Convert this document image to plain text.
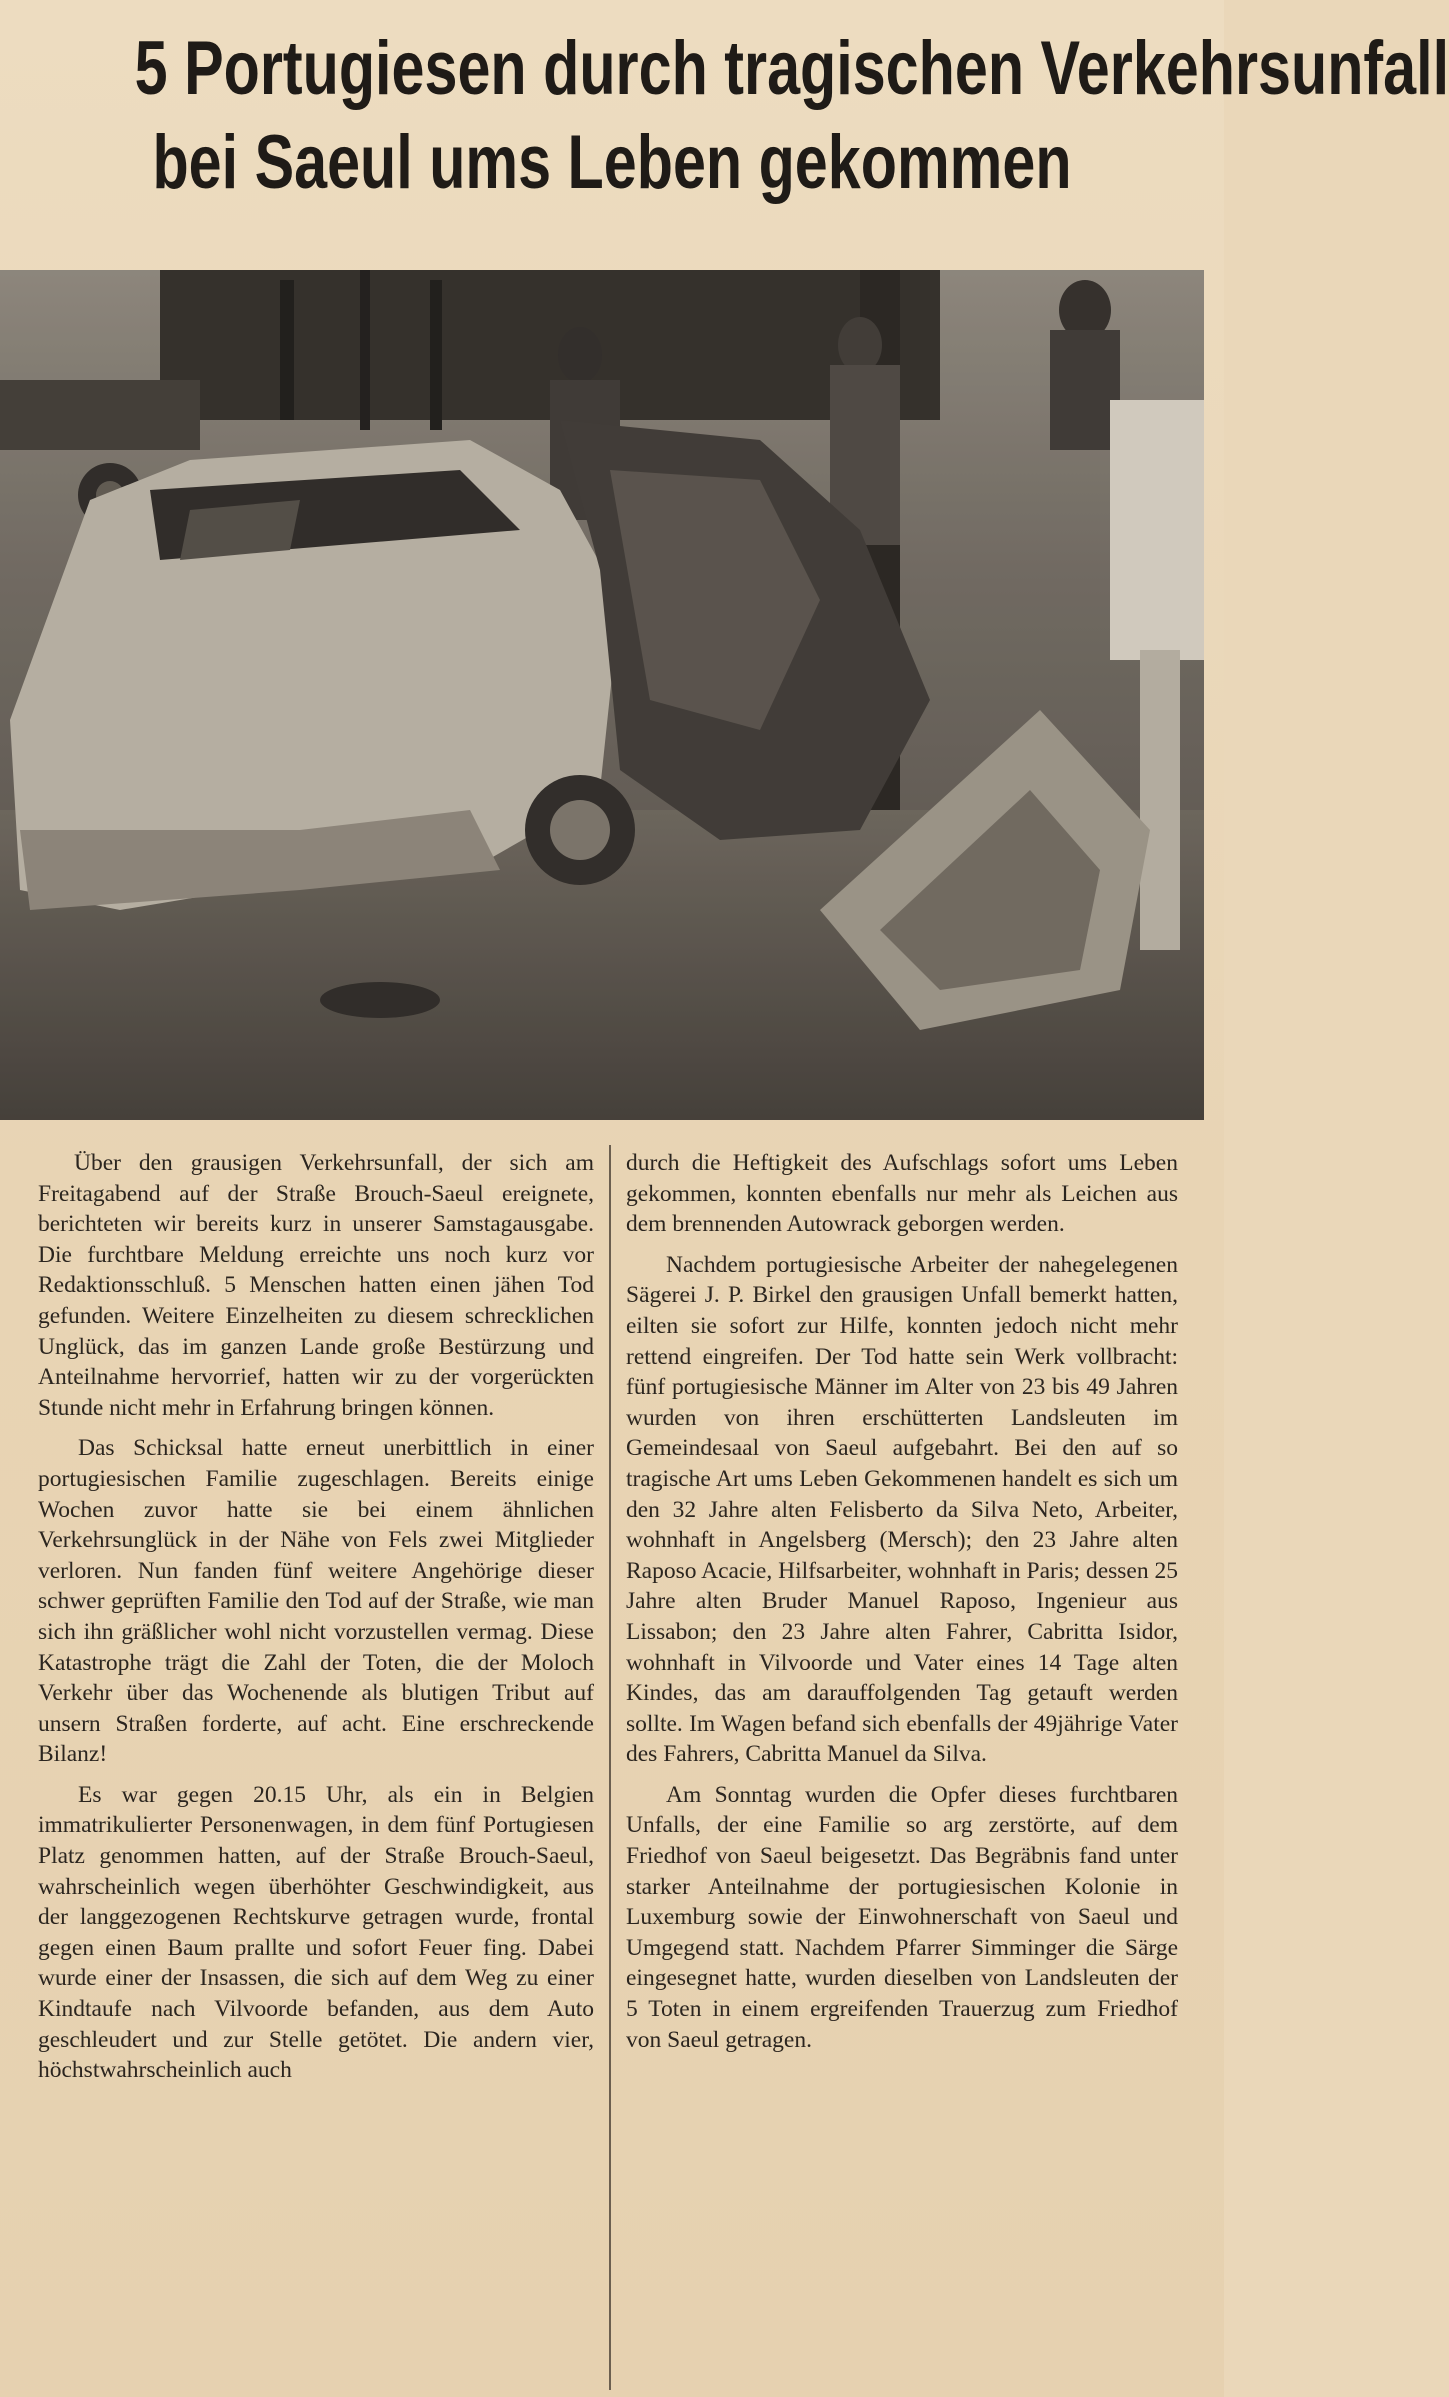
5 Portugiesen durch tragischen Verkehrsunfall
bei Saeul ums Leben gekommen

Über den grausigen Verkehrsunfall, der sich am Freitagabend auf der Straße Brouch-Saeul ereignete, berichteten wir bereits kurz in unserer Samstagausgabe. Die furchtbare Meldung erreichte uns noch kurz vor Redaktionsschluß. 5 Menschen hatten einen jähen Tod gefunden. Weitere Einzelheiten zu diesem schrecklichen Unglück, das im ganzen Lande große Bestürzung und Anteilnahme hervorrief, hatten wir zu der vorgerückten Stunde nicht mehr in Erfahrung bringen können.

Das Schicksal hatte erneut unerbittlich in einer portugiesischen Familie zugeschlagen. Bereits einige Wochen zuvor hatte sie bei einem ähnlichen Verkehrsunglück in der Nähe von Fels zwei Mitglieder verloren. Nun fanden fünf weitere Angehörige dieser schwer geprüften Familie den Tod auf der Straße, wie man sich ihn gräßlicher wohl nicht vorzustellen vermag. Diese Katastrophe trägt die Zahl der Toten, die der Moloch Verkehr über das Wochenende als blutigen Tribut auf unsern Straßen forderte, auf acht. Eine erschreckende Bilanz!

Es war gegen 20.15 Uhr, als ein in Belgien immatrikulierter Personenwagen, in dem fünf Portugiesen Platz genommen hatten, auf der Straße Brouch-Saeul, wahrscheinlich wegen überhöhter Geschwindigkeit, aus der langgezogenen Rechtskurve getragen wurde, frontal gegen einen Baum prallte und sofort Feuer fing. Dabei wurde einer der Insassen, die sich auf dem Weg zu einer Kindtaufe nach Vilvoorde befanden, aus dem Auto geschleudert und zur Stelle getötet. Die andern vier, höchstwahrscheinlich auch

durch die Heftigkeit des Aufschlags sofort ums Leben gekommen, konnten ebenfalls nur mehr als Leichen aus dem brennenden Autowrack geborgen werden.

Nachdem portugiesische Arbeiter der nahegelegenen Sägerei J. P. Birkel den grausigen Unfall bemerkt hatten, eilten sie sofort zur Hilfe, konnten jedoch nicht mehr rettend eingreifen. Der Tod hatte sein Werk vollbracht: fünf portugiesische Männer im Alter von 23 bis 49 Jahren wurden von ihren erschütterten Landsleuten im Gemeindesaal von Saeul aufgebahrt. Bei den auf so tragische Art ums Leben Gekommenen handelt es sich um den 32 Jahre alten Felisberto da Silva Neto, Arbeiter, wohnhaft in Angelsberg (Mersch); den 23 Jahre alten Raposo Acacie, Hilfsarbeiter, wohnhaft in Paris; dessen 25 Jahre alten Bruder Manuel Raposo, Ingenieur aus Lissabon; den 23 Jahre alten Fahrer, Cabritta Isidor, wohnhaft in Vilvoorde und Vater eines 14 Tage alten Kindes, das am darauffolgenden Tag getauft werden sollte. Im Wagen befand sich ebenfalls der 49jährige Vater des Fahrers, Cabritta Manuel da Silva.

Am Sonntag wurden die Opfer dieses furchtbaren Unfalls, der eine Familie so arg zerstörte, auf dem Friedhof von Saeul beigesetzt. Das Begräbnis fand unter starker Anteilnahme der portugiesischen Kolonie in Luxemburg sowie der Einwohnerschaft von Saeul und Umgegend statt. Nachdem Pfarrer Simminger die Särge eingesegnet hatte, wurden dieselben von Landsleuten der 5 Toten in einem ergreifenden Trauerzug zum Friedhof von Saeul getragen.
